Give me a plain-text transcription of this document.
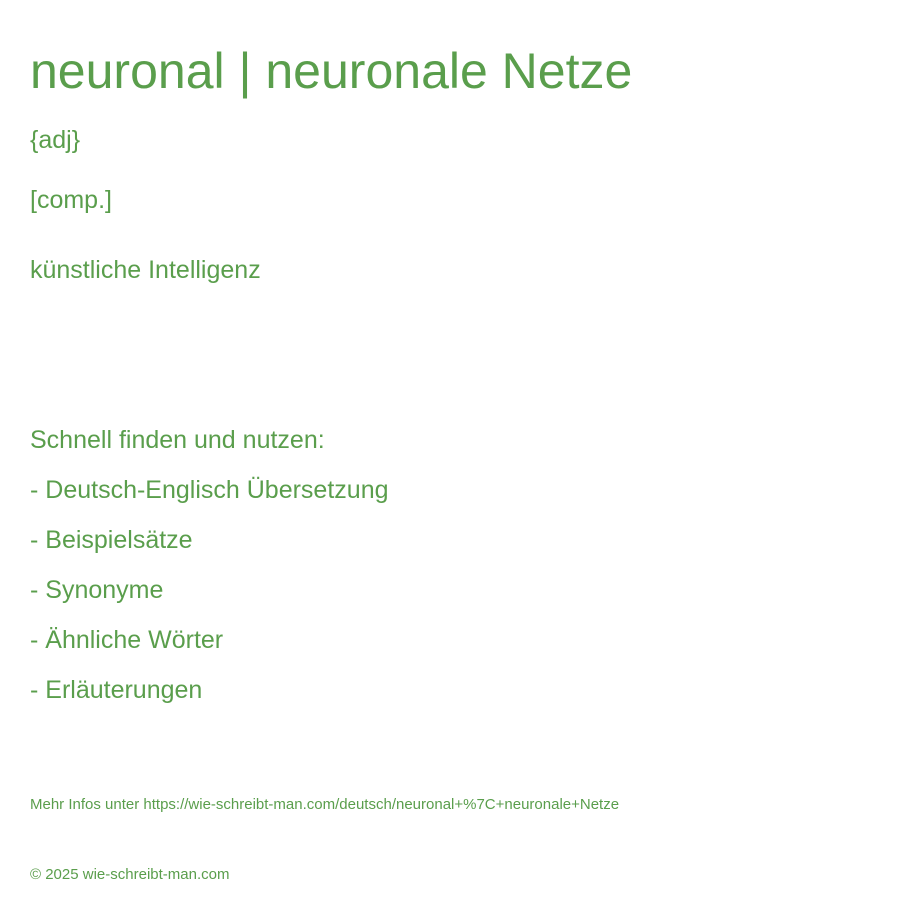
neuronal | neuronale Netze
{adj}
[comp.]
künstliche Intelligenz
Schnell finden und nutzen:
- Deutsch-Englisch Übersetzung
- Beispielsätze
- Synonyme
- Ähnliche Wörter
- Erläuterungen
Mehr Infos unter https://wie-schreibt-man.com/deutsch/neuronal+%7C+neuronale+Netze
© 2025 wie-schreibt-man.com
